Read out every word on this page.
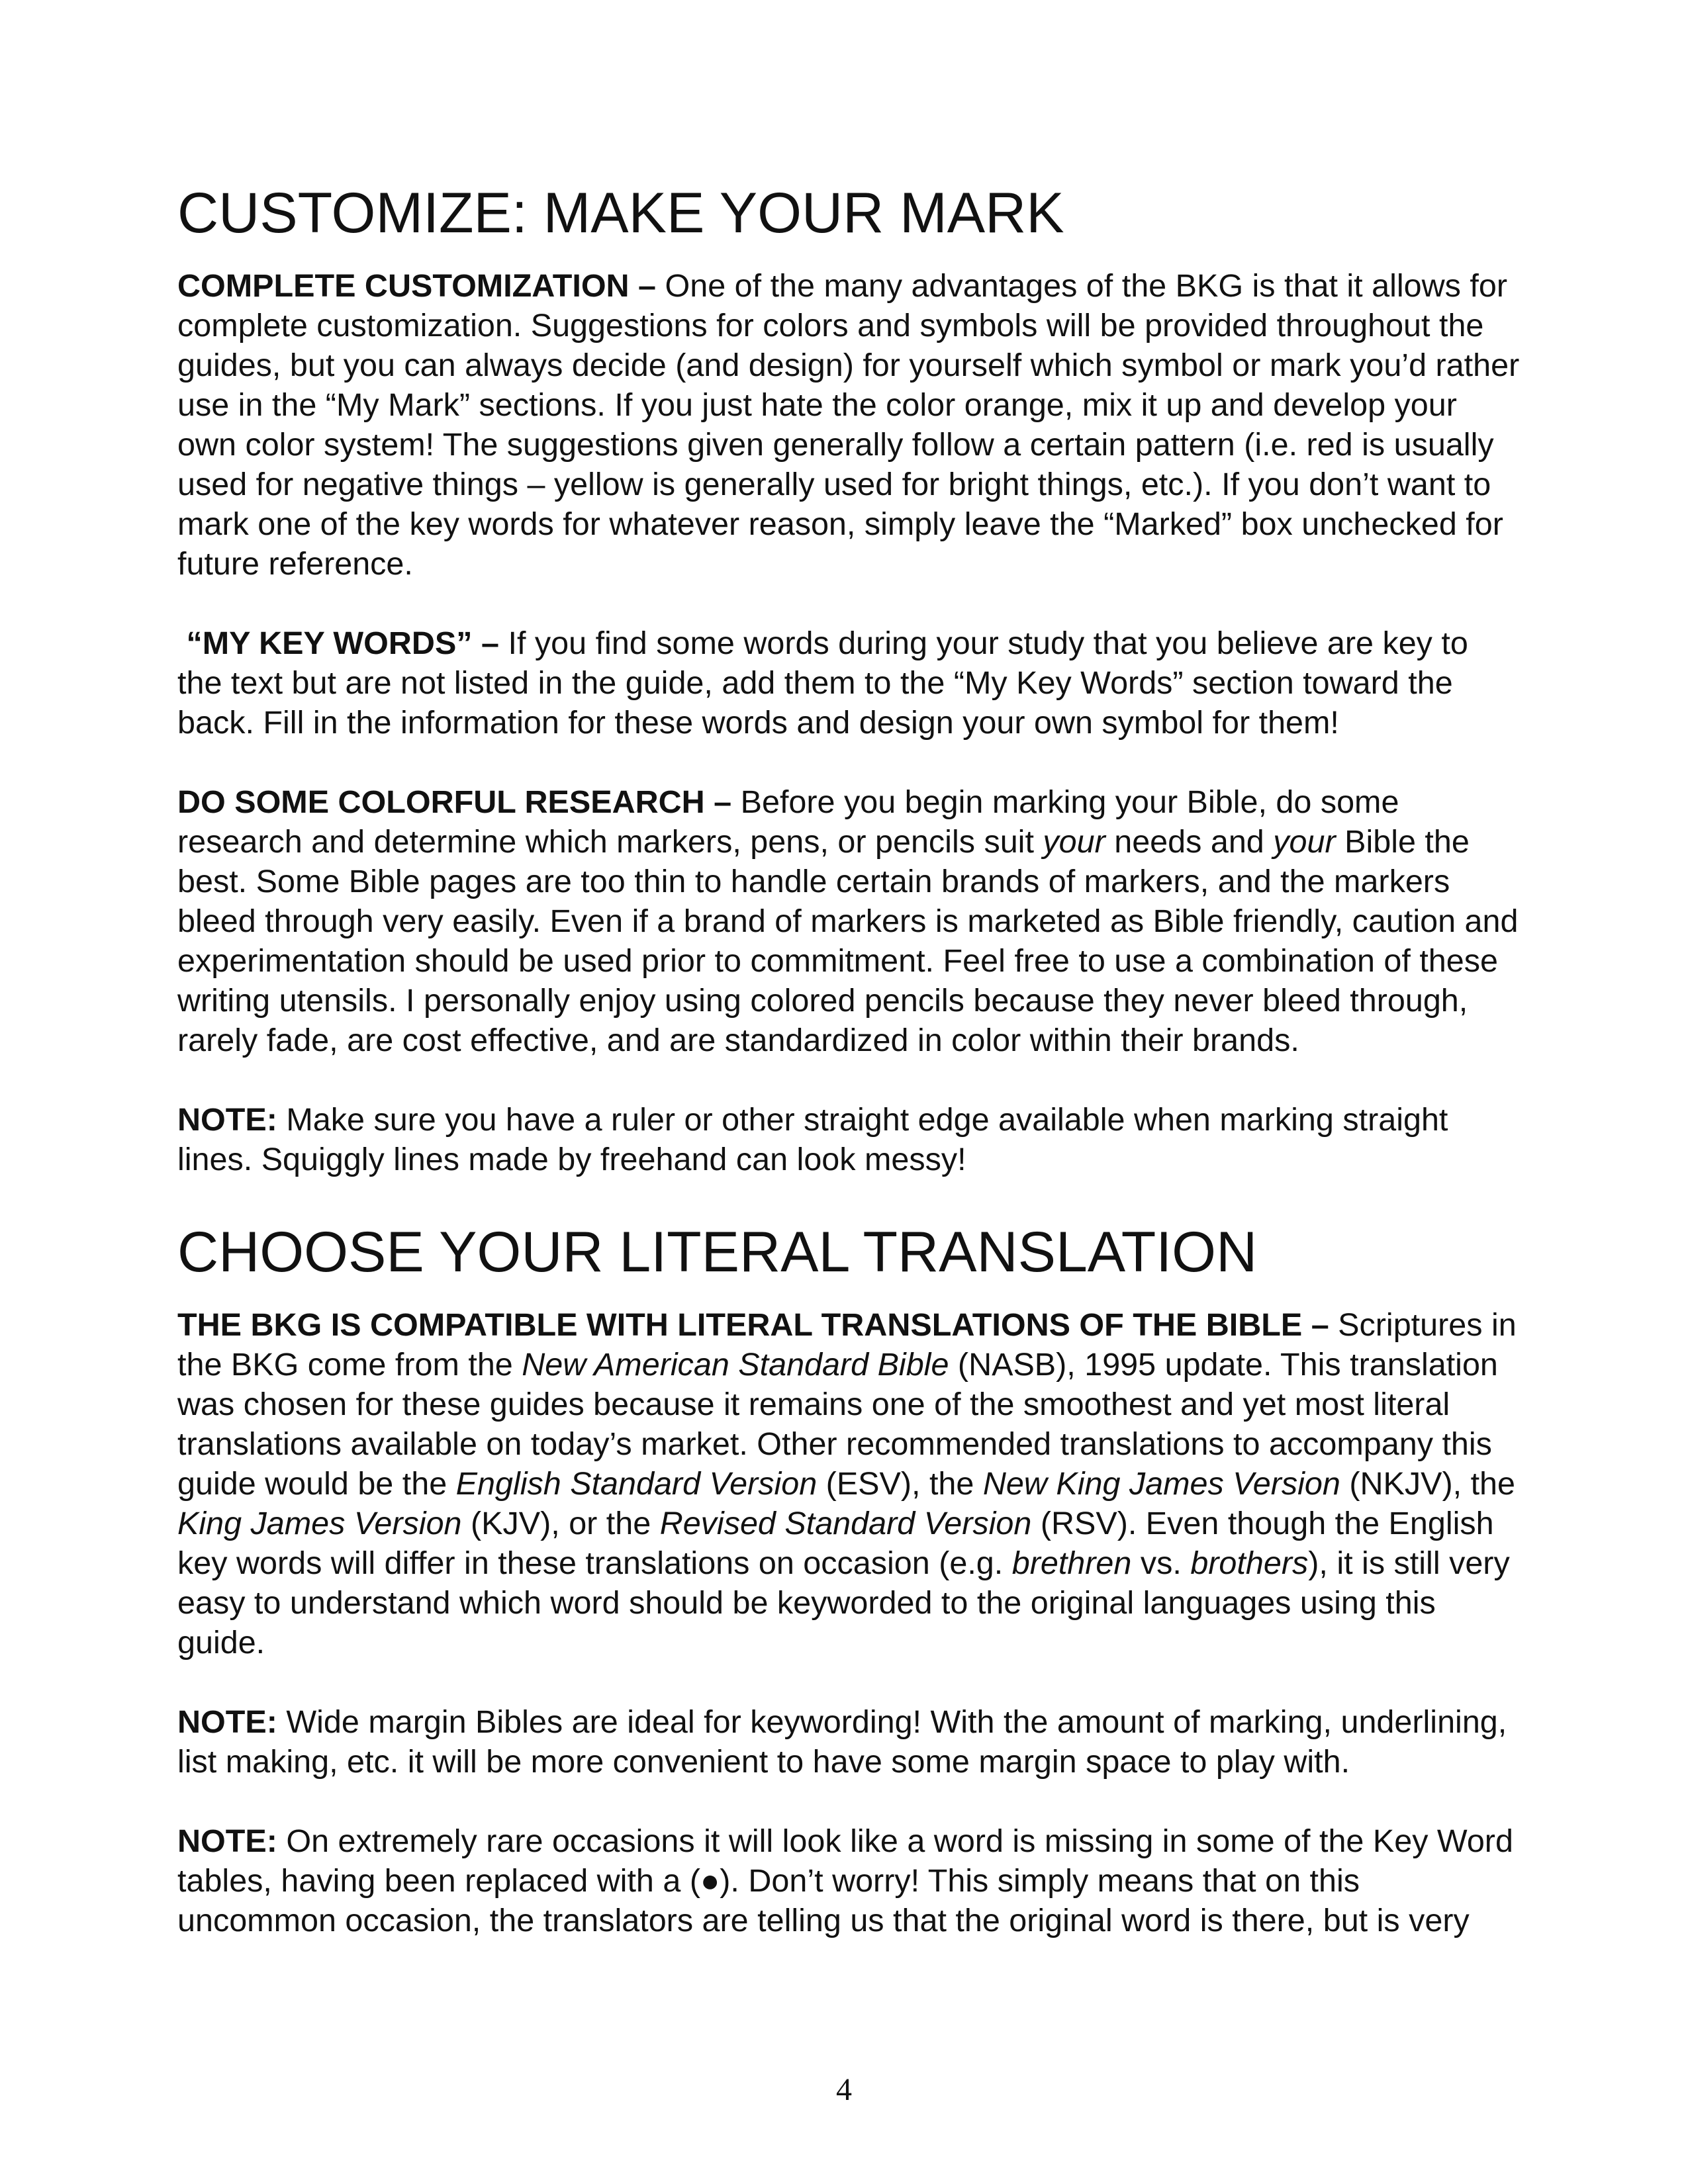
CUSTOMIZE: MAKE YOUR MARK

COMPLETE CUSTOMIZATION – One of the many advantages of the BKG is that it allows for complete customization. Suggestions for colors and symbols will be provided throughout the guides, but you can always decide (and design) for yourself which symbol or mark you’d rather use in the “My Mark” sections. If you just hate the color orange, mix it up and develop your own color system! The suggestions given generally follow a certain pattern (i.e. red is usually used for negative things – yellow is generally used for bright things, etc.). If you don’t want to mark one of the key words for whatever reason, simply leave the “Marked” box unchecked for future reference.

“MY KEY WORDS” – If you find some words during your study that you believe are key to the text but are not listed in the guide, add them to the “My Key Words” section toward the back. Fill in the information for these words and design your own symbol for them!

DO SOME COLORFUL RESEARCH – Before you begin marking your Bible, do some research and determine which markers, pens, or pencils suit your needs and your Bible the best. Some Bible pages are too thin to handle certain brands of markers, and the markers bleed through very easily. Even if a brand of markers is marketed as Bible friendly, caution and experimentation should be used prior to commitment. Feel free to use a combination of these writing utensils. I personally enjoy using colored pencils because they never bleed through, rarely fade, are cost effective, and are standardized in color within their brands.

NOTE: Make sure you have a ruler or other straight edge available when marking straight lines. Squiggly lines made by freehand can look messy!

CHOOSE YOUR LITERAL TRANSLATION

THE BKG IS COMPATIBLE WITH LITERAL TRANSLATIONS OF THE BIBLE – Scriptures in the BKG come from the New American Standard Bible (NASB), 1995 update. This translation was chosen for these guides because it remains one of the smoothest and yet most literal translations available on today’s market. Other recommended translations to accompany this guide would be the English Standard Version (ESV), the New King James Version (NKJV), the King James Version (KJV), or the Revised Standard Version (RSV). Even though the English key words will differ in these translations on occasion (e.g. brethren vs. brothers), it is still very easy to understand which word should be keyworded to the original languages using this guide.

NOTE: Wide margin Bibles are ideal for keywording! With the amount of marking, underlining, list making, etc. it will be more convenient to have some margin space to play with.

NOTE: On extremely rare occasions it will look like a word is missing in some of the Key Word tables, having been replaced with a (●). Don’t worry! This simply means that on this uncommon occasion, the translators are telling us that the original word is there, but is very

4
